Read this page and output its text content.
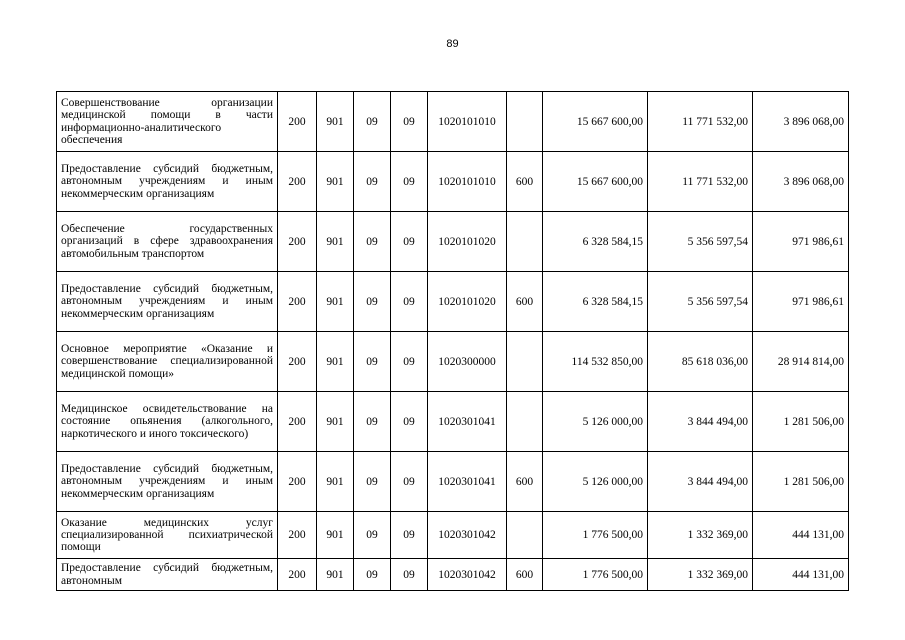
89
Совершенствование организации медицинской помощи в части информационно-аналитического обеспечения	200	901	09	09	1020101010		15 667 600,00	11 771 532,00	3 896 068,00
Предоставление субсидий бюджетным, автономным учреждениям и иным некоммерческим организациям	200	901	09	09	1020101010	600	15 667 600,00	11 771 532,00	3 896 068,00
Обеспечение государственных организаций в сфере здравоохранения автомобильным транспортом	200	901	09	09	1020101020		6 328 584,15	5 356 597,54	971 986,61
Предоставление субсидий бюджетным, автономным учреждениям и иным некоммерческим организациям	200	901	09	09	1020101020	600	6 328 584,15	5 356 597,54	971 986,61
Основное мероприятие «Оказание и совершенствование специализированной медицинской помощи»	200	901	09	09	1020300000		114 532 850,00	85 618 036,00	28 914 814,00
Медицинское освидетельствование на состояние опьянения (алкогольного, наркотического и иного токсического)	200	901	09	09	1020301041		5 126 000,00	3 844 494,00	1 281 506,00
Предоставление субсидий бюджетным, автономным учреждениям и иным некоммерческим организациям	200	901	09	09	1020301041	600	5 126 000,00	3 844 494,00	1 281 506,00
Оказание медицинских услуг специализированной психиатрической помощи	200	901	09	09	1020301042		1 776 500,00	1 332 369,00	444 131,00
Предоставление субсидий бюджетным, автономным	200	901	09	09	1020301042	600	1 776 500,00	1 332 369,00	444 131,00
